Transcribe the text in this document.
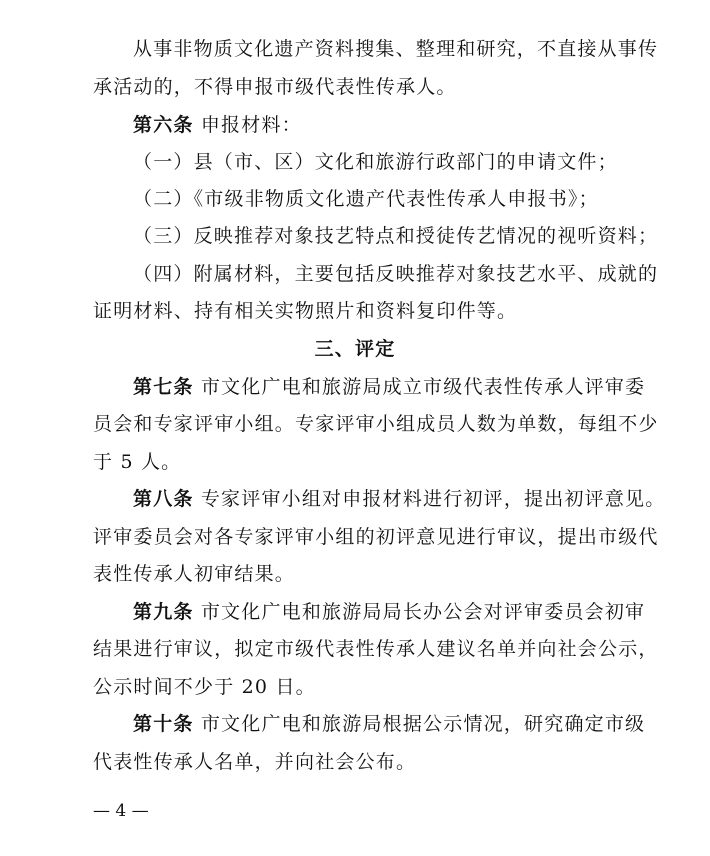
从事非物质文化遗产资料搜集、整理和研究，不直接从事传
承活动的，不得申报市级代表性传承人。
第六条 申报材料：
（一）县（市、区）文化和旅游行政部门的申请文件；
（二）《市级非物质文化遗产代表性传承人申报书》；
（三）反映推荐对象技艺特点和授徒传艺情况的视听资料；
（四）附属材料，主要包括反映推荐对象技艺水平、成就的
证明材料、持有相关实物照片和资料复印件等。
三、评定
第七条 市文化广电和旅游局成立市级代表性传承人评审委
员会和专家评审小组。专家评审小组成员人数为单数，每组不少
于 5 人。
第八条 专家评审小组对申报材料进行初评，提出初评意见。
评审委员会对各专家评审小组的初评意见进行审议，提出市级代
表性传承人初审结果。
第九条 市文化广电和旅游局局长办公会对评审委员会初审
结果进行审议，拟定市级代表性传承人建议名单并向社会公示，
公示时间不少于 20 日。
第十条 市文化广电和旅游局根据公示情况，研究确定市级
代表性传承人名单，并向社会公布。
— 4 —
